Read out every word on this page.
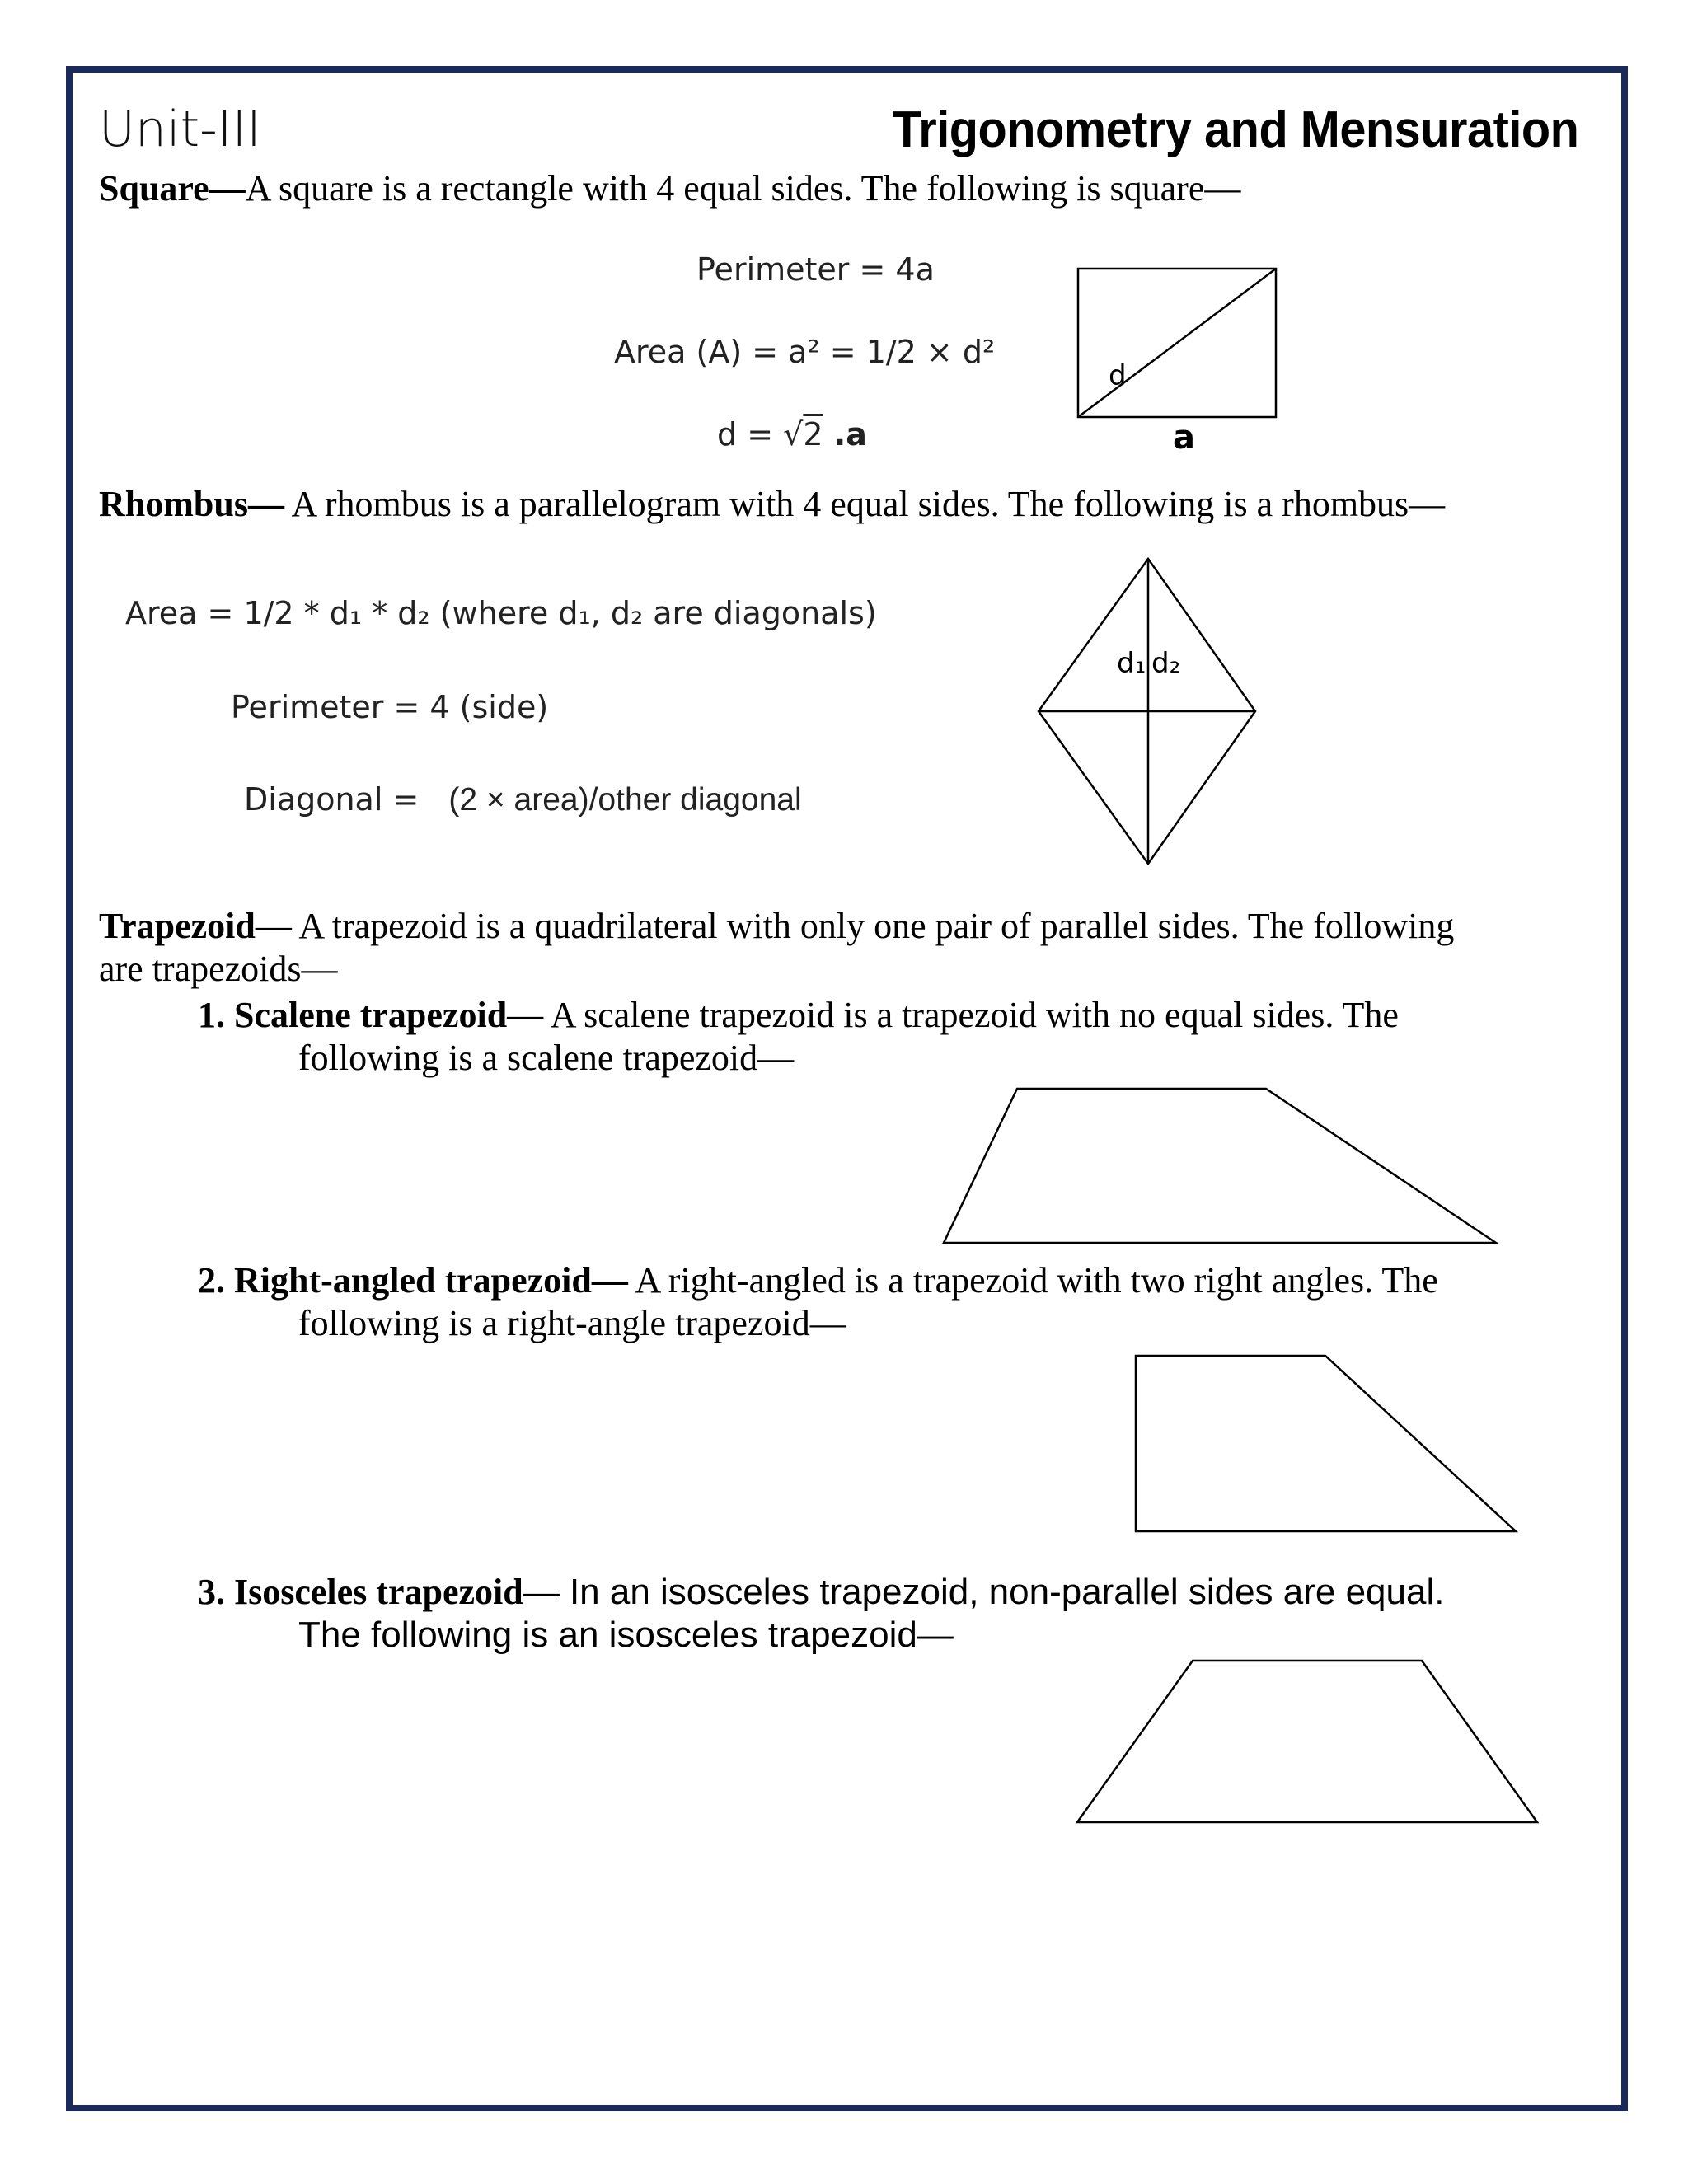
Unit-III	Trigonometry and Mensuration
Square—A square is a rectangle with 4 equal sides. The following is square—
Perimeter = 4a
Area (A) = a² = 1/2 × d²
d = √2 .a
d
a
Rhombus— A rhombus is a parallelogram with 4 equal sides. The following is a rhombus—
Area = 1/2 * d₁ * d₂ (where d₁, d₂ are diagonals)
Perimeter = 4 (side)
Diagonal = (2 × area)/other diagonal
d₁ d₂
Trapezoid— A trapezoid is a quadrilateral with only one pair of parallel sides. The following
are trapezoids—
1. Scalene trapezoid— A scalene trapezoid is a trapezoid with no equal sides. The
following is a scalene trapezoid—
2. Right-angled trapezoid— A right-angled is a trapezoid with two right angles. The
following is a right-angle trapezoid—
3. Isosceles trapezoid— In an isosceles trapezoid, non-parallel sides are equal.
The following is an isosceles trapezoid—
